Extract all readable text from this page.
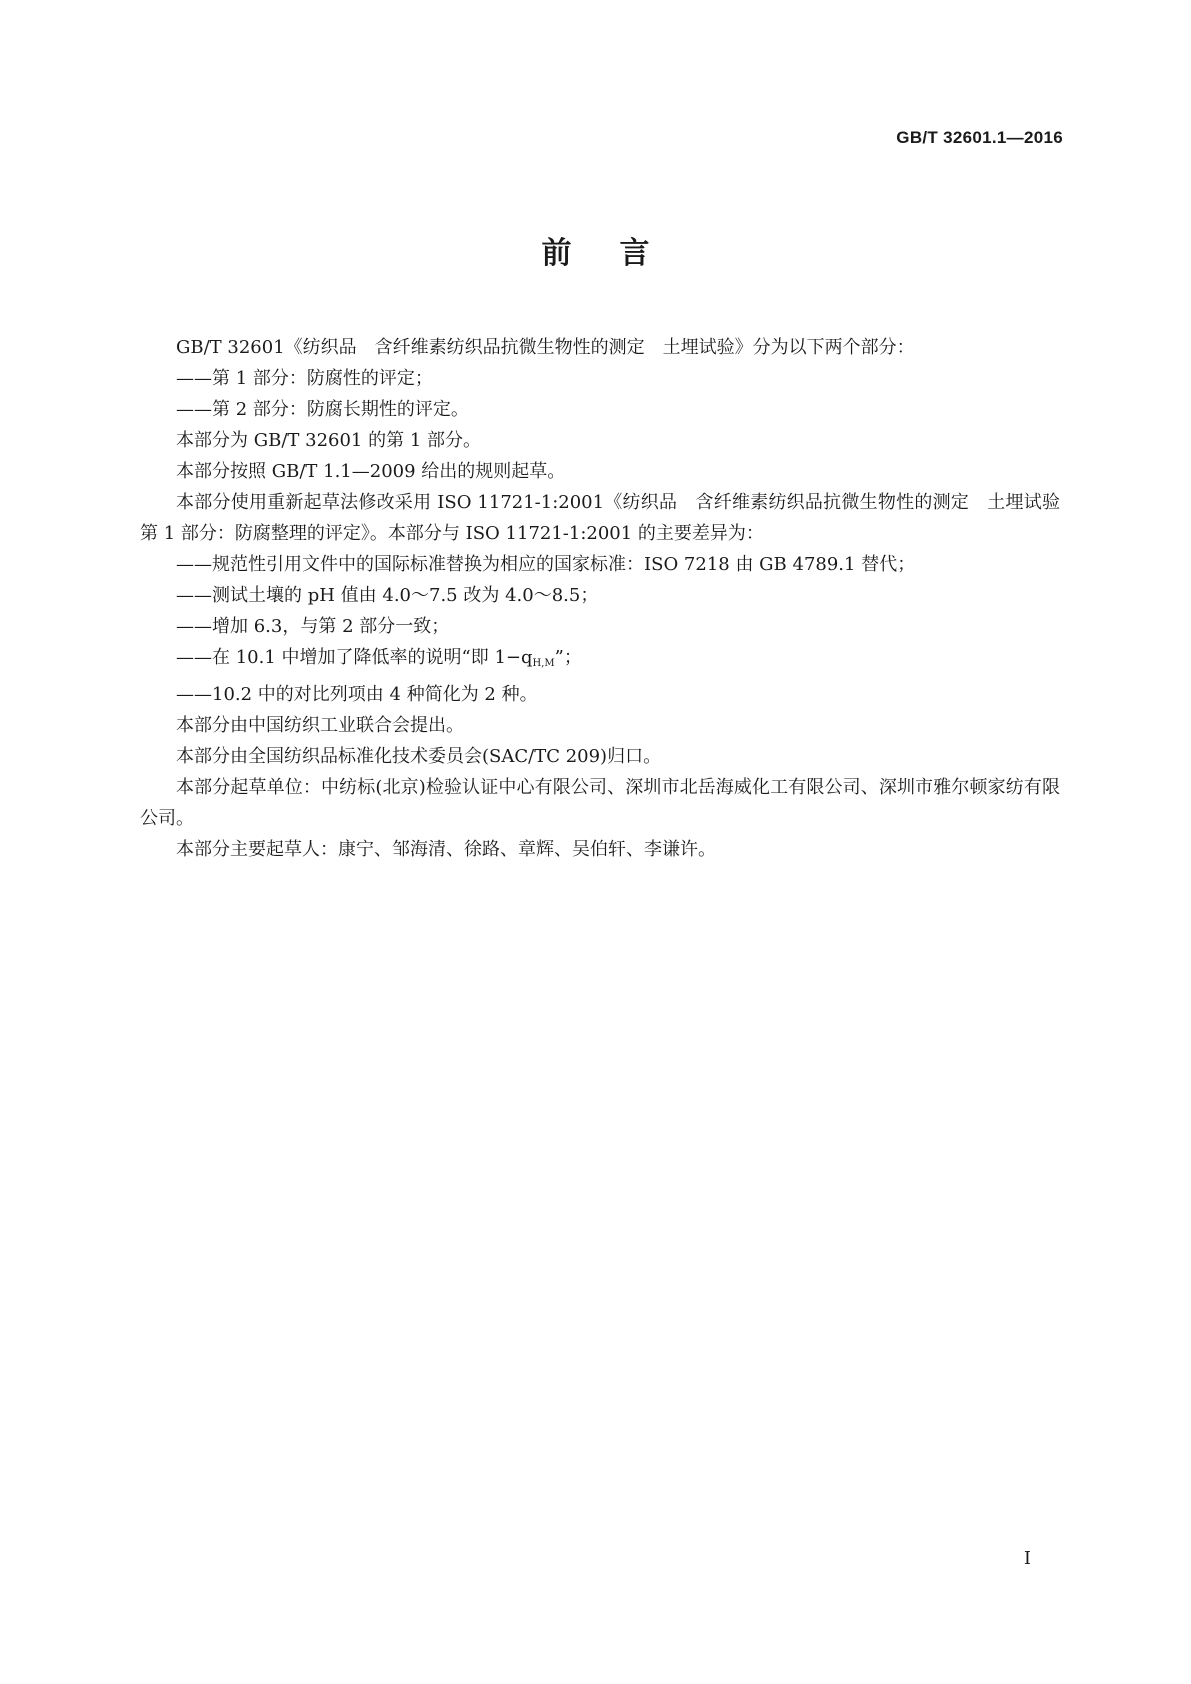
GB/T 32601.1—2016
前言

GB/T 32601《纺织品　含纤维素纺织品抗微生物性的测定　土埋试验》分为以下两个部分：

——第 1 部分：防腐性的评定；

——第 2 部分：防腐长期性的评定。

本部分为 GB/T 32601 的第 1 部分。

本部分按照 GB/T 1.1—2009 给出的规则起草。

本部分使用重新起草法修改采用 ISO 11721-1:2001《纺织品　含纤维素纺织品抗微生物性的测定　土埋试验　第 1 部分：防腐整理的评定》。本部分与 ISO 11721-1:2001 的主要差异为：

——规范性引用文件中的国际标准替换为相应的国家标准：ISO 7218 由 GB 4789.1 替代；

——测试土壤的 pH 值由 4.0～7.5 改为 4.0～8.5；

——增加 6.3，与第 2 部分一致；

——在 10.1 中增加了降低率的说明“即 $1-q_{H,M}$”；

——10.2 中的对比列项由 4 种简化为 2 种。

本部分由中国纺织工业联合会提出。

本部分由全国纺织品标准化技术委员会(SAC/TC 209)归口。

本部分起草单位：中纺标(北京)检验认证中心有限公司、深圳市北岳海威化工有限公司、深圳市雅尔顿家纺有限公司。

本部分主要起草人：康宁、邹海清、徐路、章辉、吴伯轩、李谦许。

I
